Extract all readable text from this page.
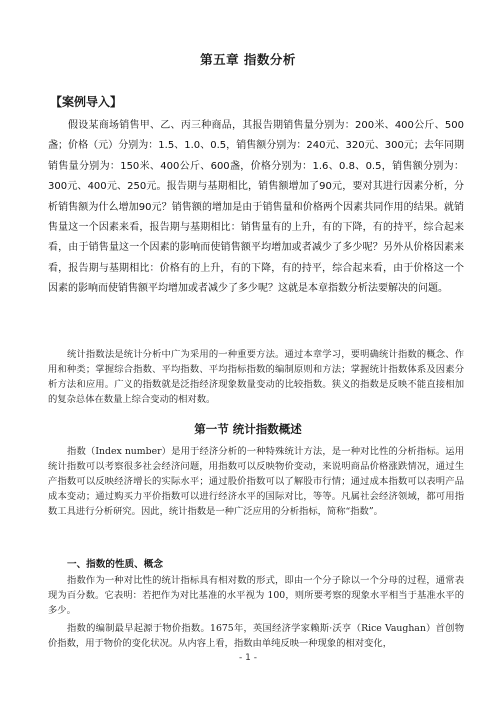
第五章 指数分析
【案例导入】

假设某商场销售甲、乙、丙三种商品，其报告期销售量分别为：200米、400公斤、500盏；价格（元）分别为：1.5、1.0、0.5，销售额分别为：240元、320元、300元；去年同期销售量分别为：150米、400公斤、600盏，价格分别为：1.6、0.8、0.5，销售额分别为：300元、400元、250元。报告期与基期相比，销售额增加了90元，要对其进行因素分析，分析销售额为什么增加90元？销售额的增加是由于销售量和价格两个因素共同作用的结果。就销售量这一个因素来看，报告期与基期相比：销售量有的上升，有的下降，有的持平，综合起来看，由于销售量这一个因素的影响而使销售额平均增加或者减少了多少呢？另外从价格因素来看，报告期与基期相比：价格有的上升，有的下降，有的持平，综合起来看，由于价格这一个因素的影响而使销售额平均增加或者减少了多少呢？这就是本章指数分析法要解决的问题。

统计指数法是统计分析中广为采用的一种重要方法。通过本章学习，要明确统计指数的概念、作用和种类；掌握综合指数、平均指数、平均指标指数的编制原则和方法；掌握统计指数体系及因素分析方法和应用。广义的指数就是泛指经济现象数量变动的比较指数。狭义的指数是反映不能直接相加的复杂总体在数量上综合变动的相对数。

第一节 统计指数概述

指数（Index number）是用于经济分析的一种特殊统计方法，是一种对比性的分析指标。运用统计指数可以考察很多社会经济问题，用指数可以反映物价变动，来说明商品价格涨跌情况，通过生产指数可以反映经济增长的实际水平；通过股价指数可以了解股市行情；通过成本指数可以表明产品成本变动；通过购买力平价指数可以进行经济水平的国际对比，等等。凡属社会经济领域，都可用指数工具进行分析研究。因此，统计指数是一种广泛应用的分析指标，简称“指数”。

一、指数的性质、概念

指数作为一种对比性的统计指标具有相对数的形式，即由一个分子除以一个分母的过程，通常表现为百分数。它表明：若把作为对比基准的水平视为 100，则所要考察的现象水平相当于基准水平的多少。

指数的编制最早起源于物价指数。1675年，英国经济学家赖斯·沃亨（Rice Vaughan）首创物价指数，用于物价的变化状况。从内容上看，指数由单纯反映一种现象的相对变化，

- 1 -
